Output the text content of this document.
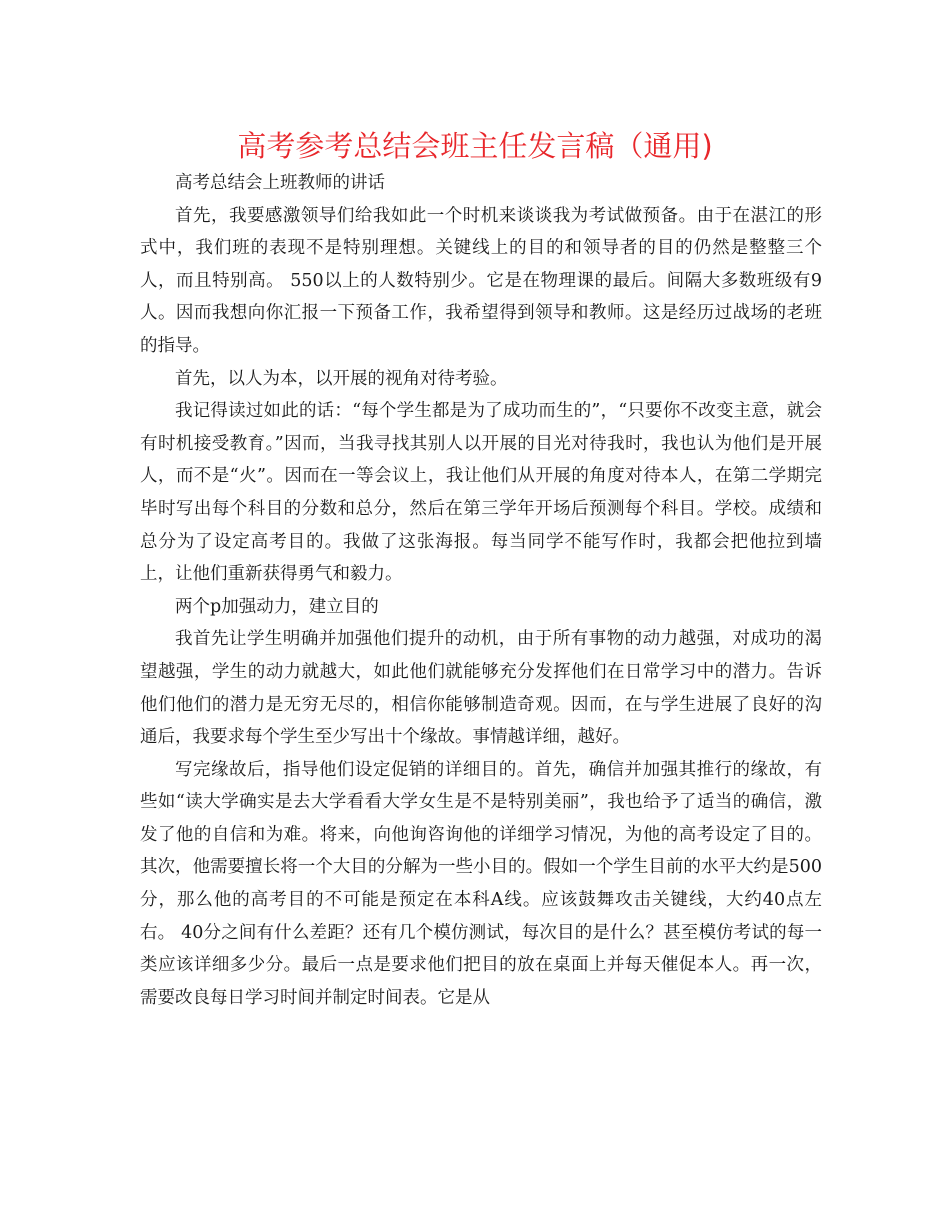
高考参考总结会班主任发言稿（通用)

高考总结会上班教师的讲话

首先，我要感激领导们给我如此一个时机来谈谈我为考试做预备。由于在湛江的形式中，我们班的表现不是特别理想。关键线上的目的和领导者的目的仍然是整整三个人，而且特别高。 550以上的人数特别少。它是在物理课的最后。间隔大多数班级有9人。因而我想向你汇报一下预备工作，我希望得到领导和教师。这是经历过战场的老班的指导。

首先，以人为本，以开展的视角对待考验。

我记得读过如此的话：“每个学生都是为了成功而生的”，“只要你不改变主意，就会有时机接受教育。”因而，当我寻找其别人以开展的目光对待我时，我也认为他们是开展人，而不是“火”。因而在一等会议上，我让他们从开展的角度对待本人，在第二学期完毕时写出每个科目的分数和总分，然后在第三学年开场后预测每个科目。学校。成绩和总分为了设定高考目的。我做了这张海报。每当同学不能写作时，我都会把他拉到墙上，让他们重新获得勇气和毅力。

两个p加强动力，建立目的

我首先让学生明确并加强他们提升的动机，由于所有事物的动力越强，对成功的渴望越强，学生的动力就越大，如此他们就能够充分发挥他们在日常学习中的潜力。告诉他们他们的潜力是无穷无尽的，相信你能够制造奇观。因而，在与学生进展了良好的沟通后，我要求每个学生至少写出十个缘故。事情越详细，越好。

写完缘故后，指导他们设定促销的详细目的。首先，确信并加强其推行的缘故，有些如“读大学确实是去大学看看大学女生是不是特别美丽”，我也给予了适当的确信，激发了他的自信和为难。将来，向他询咨询他的详细学习情况，为他的高考设定了目的。其次，他需要擅长将一个大目的分解为一些小目的。假如一个学生目前的水平大约是500分，那么他的高考目的不可能是预定在本科A线。应该鼓舞攻击关键线，大约40点左右。 40分之间有什么差距？还有几个模仿测试，每次目的是什么？甚至模仿考试的每一类应该详细多少分。最后一点是要求他们把目的放在桌面上并每天催促本人。再一次，需要改良每日学习时间并制定时间表。它是从
